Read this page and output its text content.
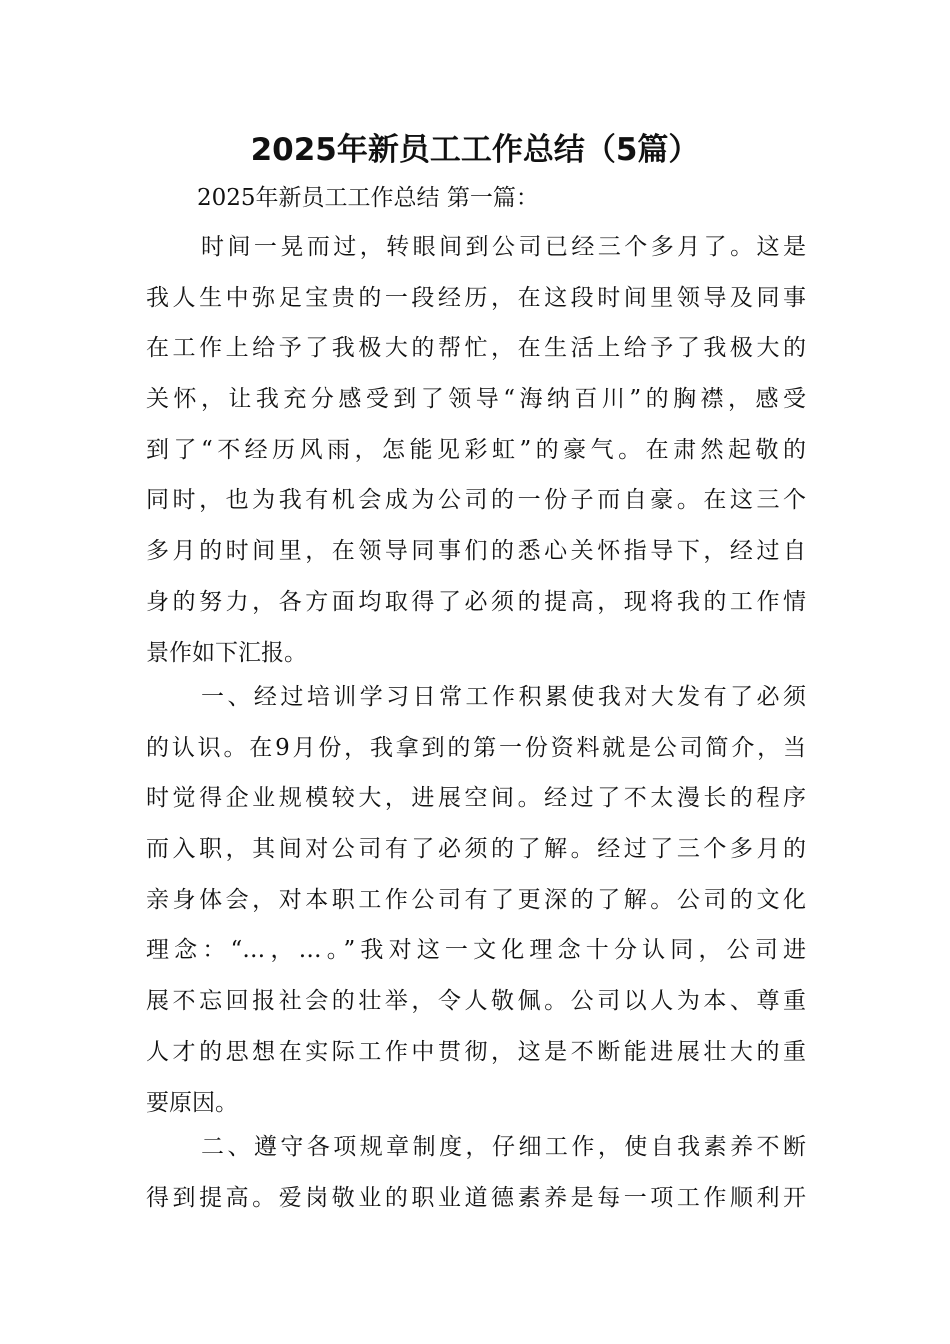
2025年新员工工作总结（5篇）
2025年新员工工作总结 第一篇：
时间一晃而过，转眼间到公司已经三个多月了。这是
我人生中弥足宝贵的一段经历，在这段时间里领导及同事
在工作上给予了我极大的帮忙，在生活上给予了我极大的
关怀，让我充分感受到了领导“海纳百川”的胸襟，感受
到了“不经历风雨，怎能见彩虹”的豪气。在肃然起敬的
同时，也为我有机会成为公司的一份子而自豪。在这三个
多月的时间里，在领导同事们的悉心关怀指导下，经过自
身的努力，各方面均取得了必须的提高，现将我的工作情
景作如下汇报。
一、经过培训学习日常工作积累使我对大发有了必须
的认识。在9月份，我拿到的第一份资料就是公司简介，当
时觉得企业规模较大，进展空间。经过了不太漫长的程序
而入职，其间对公司有了必须的了解。经过了三个多月的
亲身体会，对本职工作公司有了更深的了解。公司的文化
理念：“…，…。”我对这一文化理念十分认同，公司进
展不忘回报社会的壮举，令人敬佩。公司以人为本、尊重
人才的思想在实际工作中贯彻，这是不断能进展壮大的重
要原因。
二、遵守各项规章制度，仔细工作，使自我素养不断
得到提高。爱岗敬业的职业道德素养是每一项工作顺利开
